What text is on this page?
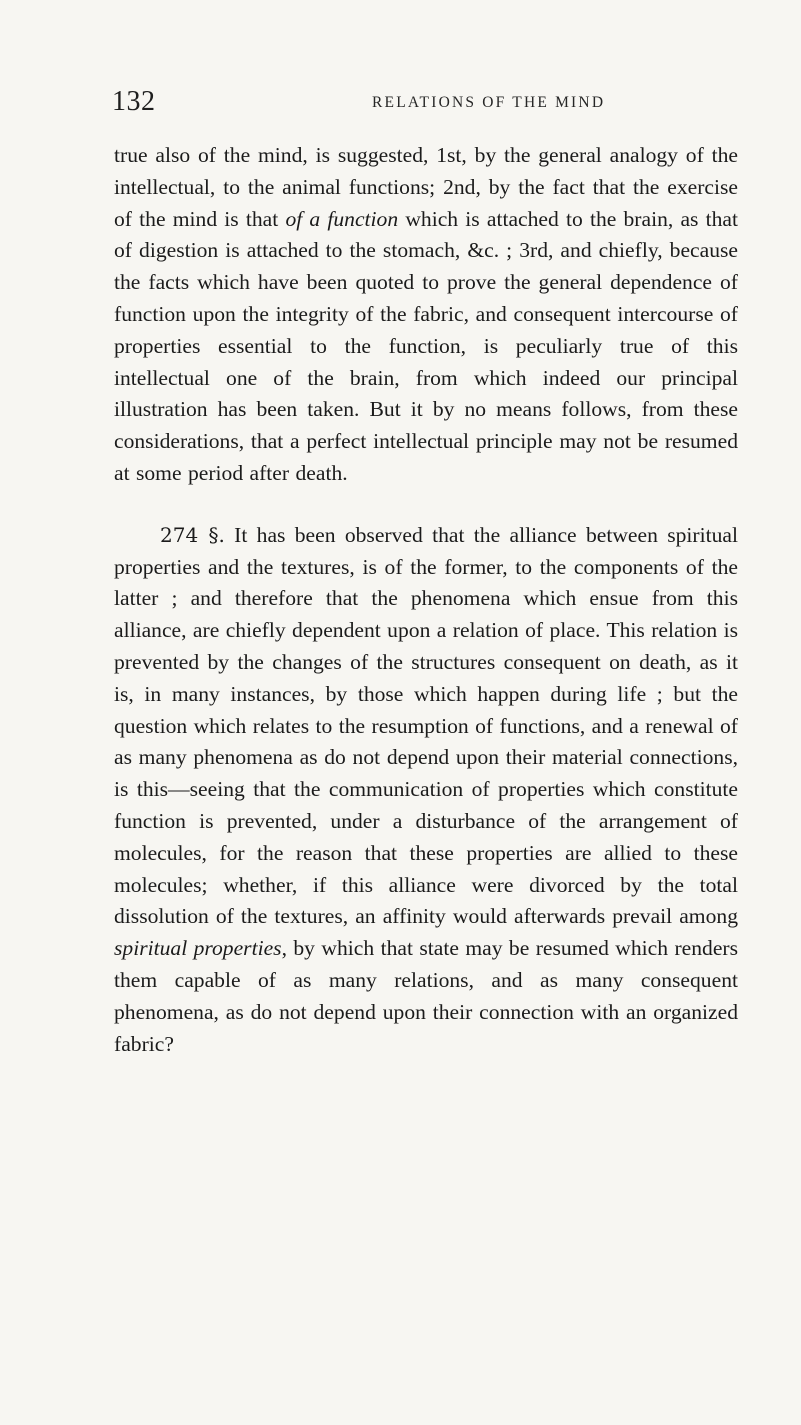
132	RELATIONS OF THE MIND

true also of the mind, is suggested, 1st, by the general analogy of the intellectual, to the animal functions; 2nd, by the fact that the exercise of the mind is that of a function which is attached to the brain, as that of digestion is attached to the stomach, &c. ; 3rd, and chiefly, because the facts which have been quoted to prove the general dependence of function upon the integrity of the fabric, and consequent intercourse of properties essential to the function, is peculiarly true of this intellectual one of the brain, from which indeed our principal illustration has been taken. But it by no means follows, from these considerations, that a perfect intellectual principle may not be resumed at some period after death.

274 §. It has been observed that the alliance between spiritual properties and the textures, is of the former, to the components of the latter ; and therefore that the phenomena which ensue from this alliance, are chiefly dependent upon a relation of place. This relation is prevented by the changes of the structures consequent on death, as it is, in many instances, by those which happen during life ; but the question which relates to the resumption of functions, and a renewal of as many phenomena as do not depend upon their material connections, is this—seeing that the communication of properties which constitute function is prevented, under a disturbance of the arrangement of molecules, for the reason that these properties are allied to these molecules; whether, if this alliance were divorced by the total dissolution of the textures, an affinity would afterwards prevail among spiritual properties, by which that state may be resumed which renders them capable of as many relations, and as many consequent phenomena, as do not depend upon their connection with an organized fabric?
